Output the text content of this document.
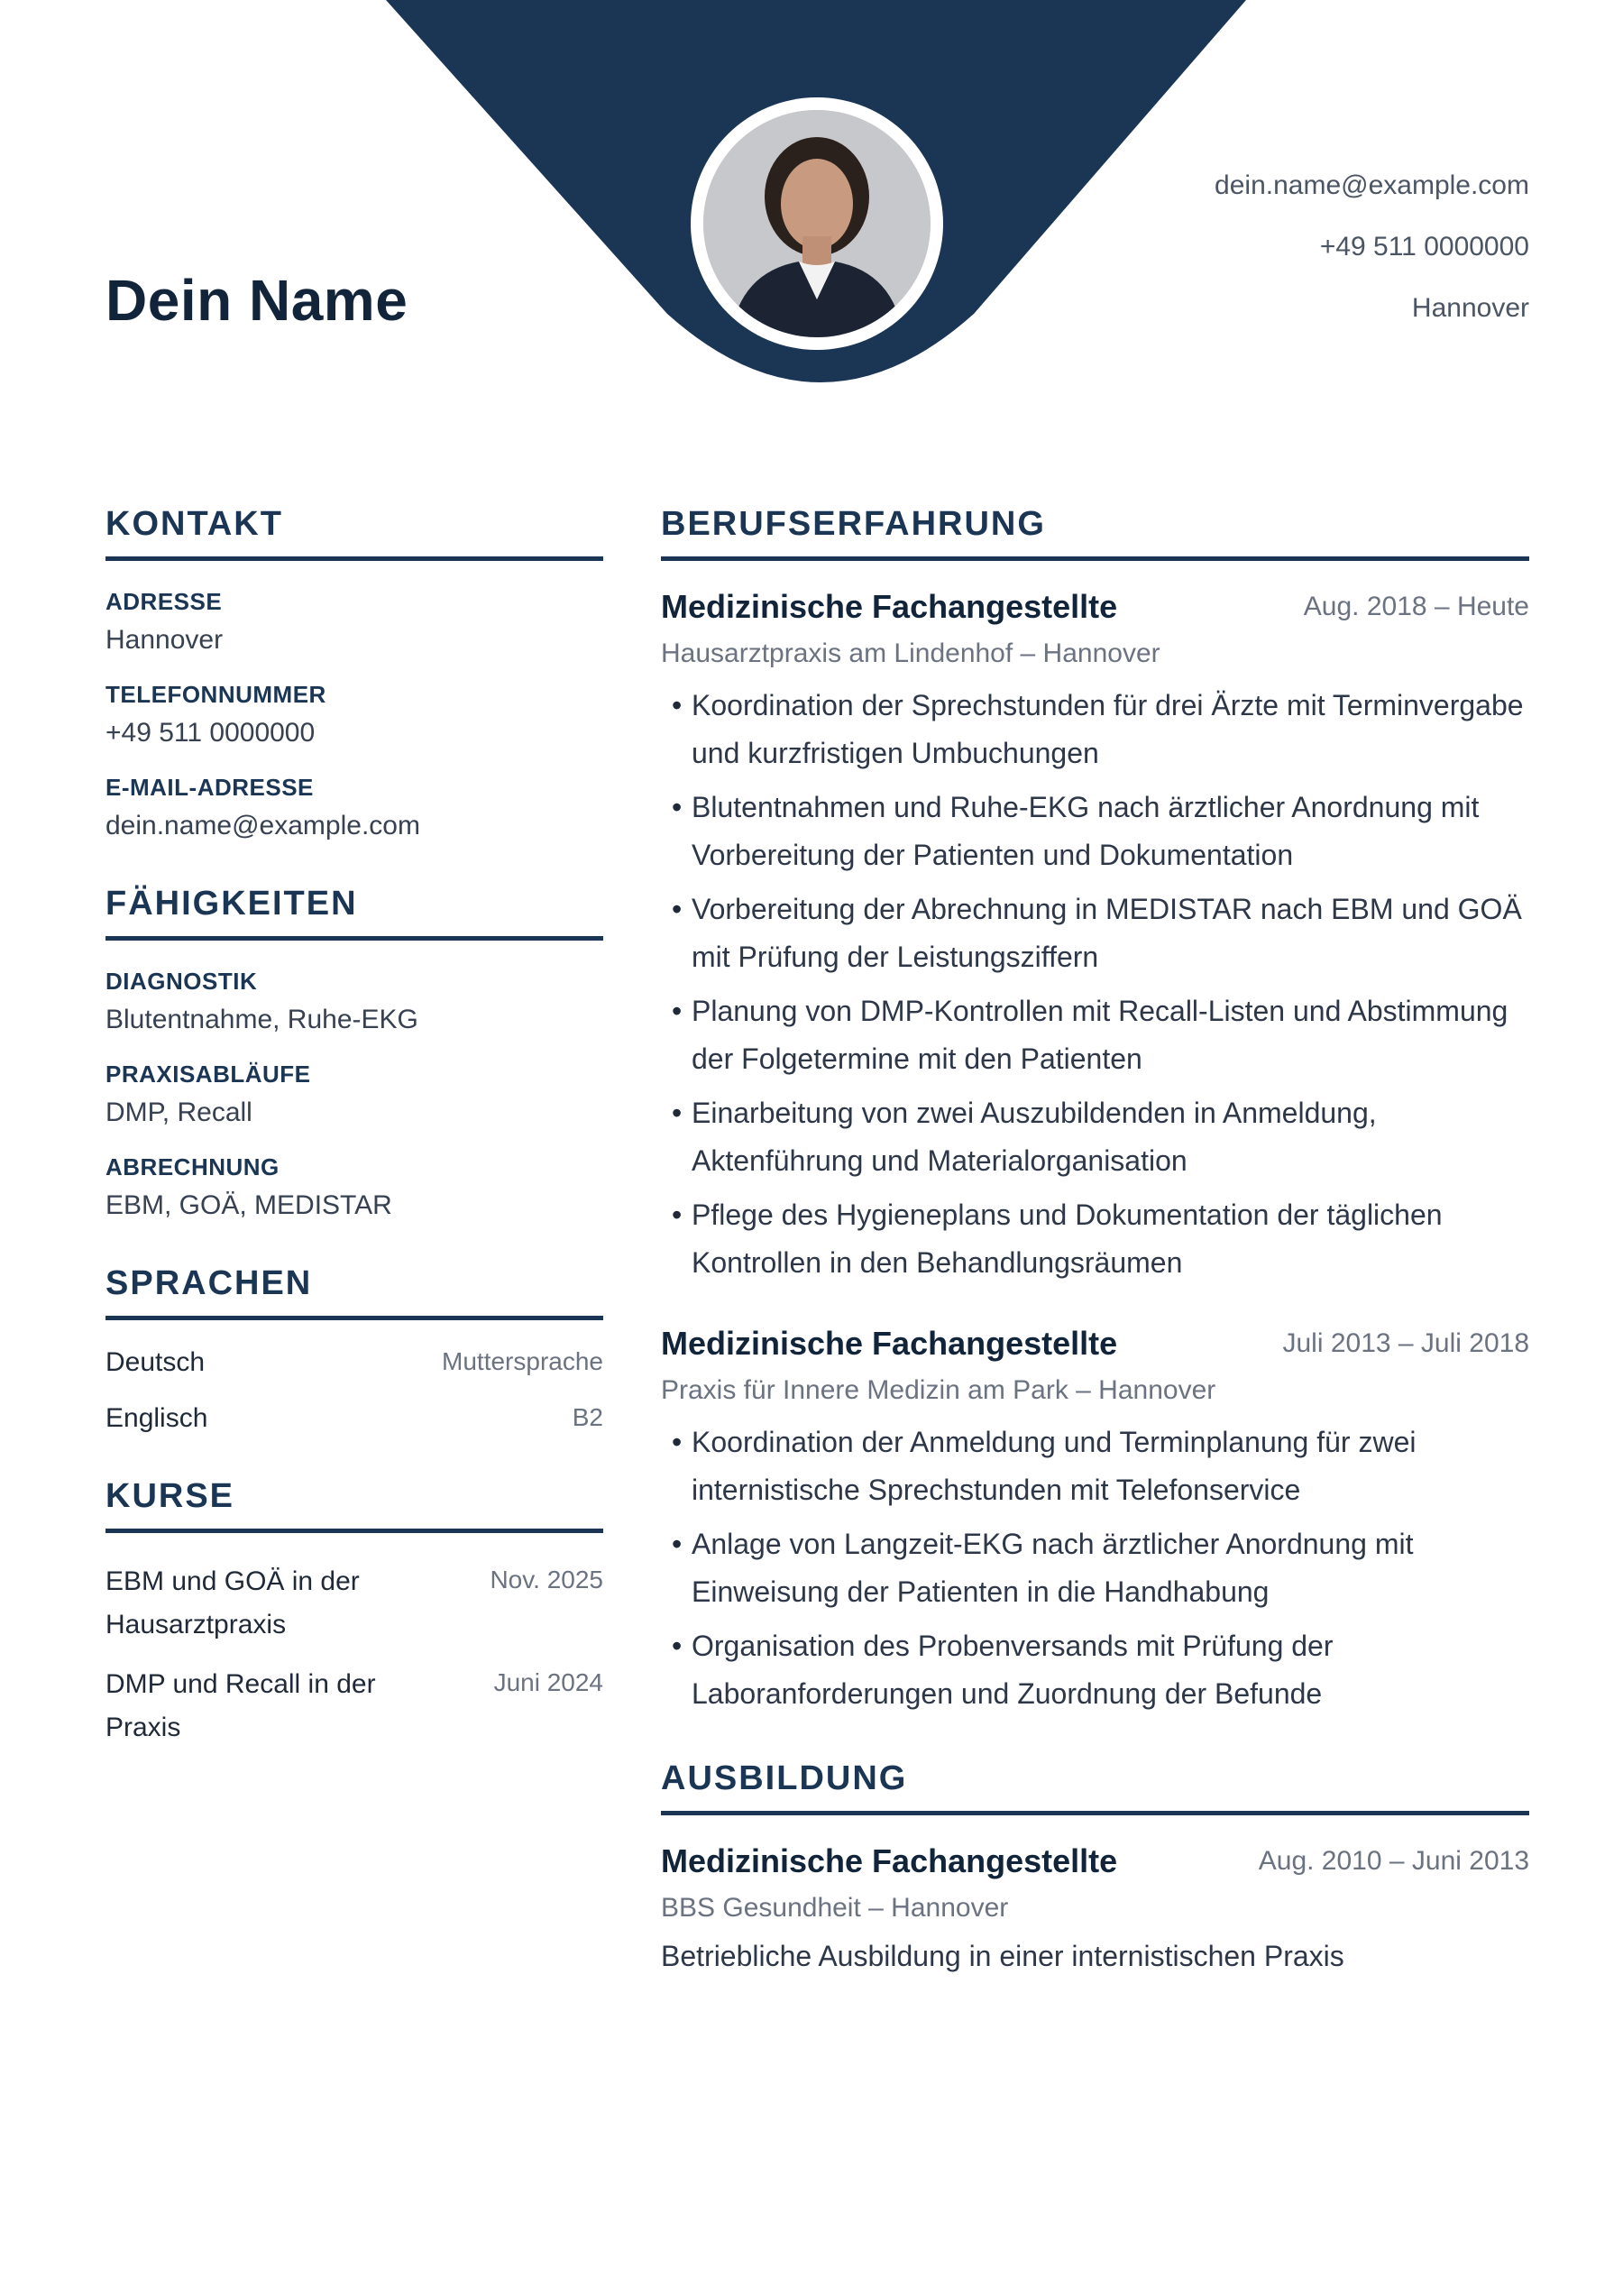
Dein Name
dein.name@example.com
+49 511 0000000
Hannover
KONTAKT
ADRESSE
Hannover
TELEFONNUMMER
+49 511 0000000
E-MAIL-ADRESSE
dein.name@example.com
FÄHIGKEITEN
DIAGNOSTIK
Blutentnahme, Ruhe-EKG
PRAXISABLÄUFE
DMP, Recall
ABRECHNUNG
EBM, GOÄ, MEDISTAR
SPRACHEN
Deutsch	Muttersprache
Englisch	B2
KURSE
EBM und GOÄ in der Hausarztpraxis
Nov. 2025
DMP und Recall in der Praxis
Juni 2024
BERUFSERFAHRUNG
Medizinische Fachangestellte	Aug. 2018 – Heute
Hausarztpraxis am Lindenhof – Hannover
• Koordination der Sprechstunden für drei Ärzte mit Terminvergabe und kurzfristigen Umbuchungen
• Blutentnahmen und Ruhe-EKG nach ärztlicher Anordnung mit Vorbereitung der Patienten und Dokumentation
• Vorbereitung der Abrechnung in MEDISTAR nach EBM und GOÄ mit Prüfung der Leistungsziffern
• Planung von DMP-Kontrollen mit Recall-Listen und Abstimmung der Folgetermine mit den Patienten
• Einarbeitung von zwei Auszubildenden in Anmeldung, Aktenführung und Materialorganisation
• Pflege des Hygieneplans und Dokumentation der täglichen Kontrollen in den Behandlungsräumen
Medizinische Fachangestellte	Juli 2013 – Juli 2018
Praxis für Innere Medizin am Park – Hannover
• Koordination der Anmeldung und Terminplanung für zwei internistische Sprechstunden mit Telefonservice
• Anlage von Langzeit-EKG nach ärztlicher Anordnung mit Einweisung der Patienten in die Handhabung
• Organisation des Probenversands mit Prüfung der Laboranforderungen und Zuordnung der Befunde
AUSBILDUNG
Medizinische Fachangestellte	Aug. 2010 – Juni 2013
BBS Gesundheit – Hannover
Betriebliche Ausbildung in einer internistischen Praxis
